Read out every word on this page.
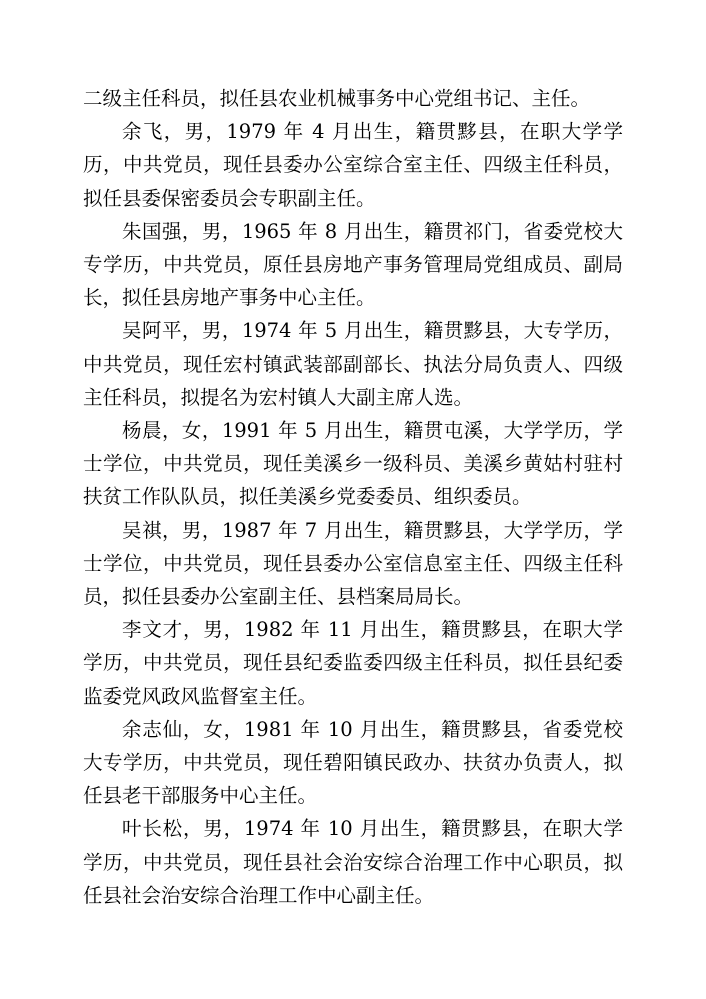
二级主任科员，拟任县农业机械事务中心党组书记、主任。

余飞，男，1979 年 4 月出生，籍贯黟县，在职大学学历，中共党员，现任县委办公室综合室主任、四级主任科员，拟任县委保密委员会专职副主任。

朱国强，男，1965 年 8 月出生，籍贯祁门，省委党校大专学历，中共党员，原任县房地产事务管理局党组成员、副局长，拟任县房地产事务中心主任。

吴阿平，男，1974 年 5 月出生，籍贯黟县，大专学历，中共党员，现任宏村镇武装部副部长、执法分局负责人、四级主任科员，拟提名为宏村镇人大副主席人选。

杨晨，女，1991 年 5 月出生，籍贯屯溪，大学学历，学士学位，中共党员，现任美溪乡一级科员、美溪乡黄姑村驻村扶贫工作队队员，拟任美溪乡党委委员、组织委员。

吴祺，男，1987 年 7 月出生，籍贯黟县，大学学历，学士学位，中共党员，现任县委办公室信息室主任、四级主任科员，拟任县委办公室副主任、县档案局局长。

李文才，男，1982 年 11 月出生，籍贯黟县，在职大学学历，中共党员，现任县纪委监委四级主任科员，拟任县纪委监委党风政风监督室主任。

余志仙，女，1981 年 10 月出生，籍贯黟县，省委党校大专学历，中共党员，现任碧阳镇民政办、扶贫办负责人，拟任县老干部服务中心主任。

叶长松，男，1974 年 10 月出生，籍贯黟县，在职大学学历，中共党员，现任县社会治安综合治理工作中心职员，拟任县社会治安综合治理工作中心副主任。
